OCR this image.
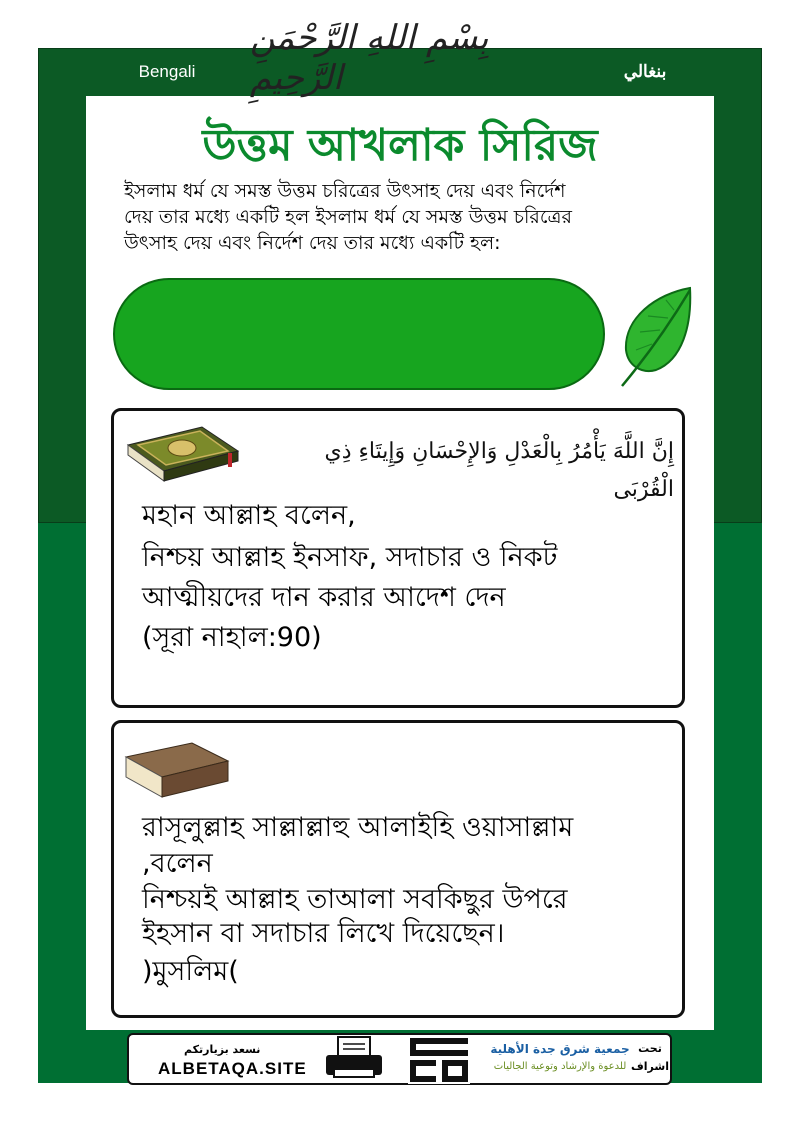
Bengali	بنغالي
بِسْمِ اللهِ الرَّحْمَنِ الرَّحِيمِ
উত্তম আখলাক সিরিজ
ইসলাম ধর্ম যে সমস্ত উত্তম চরিত্রের উৎসাহ দেয় এবং নির্দেশ
দেয় তার মধ্যে একটি হল ইসলাম ধর্ম যে সমস্ত উত্তম চরিত্রের
উৎসাহ দেয় এবং নির্দেশ দেয় তার মধ্যে একটি হল:
إِنَّ اللَّهَ يَأْمُرُ بِالْعَدْلِ وَالإِحْسَانِ وَإِيتَاءِ ذِي الْقُرْبَى
মহান আল্লাহ বলেন,
নিশ্চয় আল্লাহ ইনসাফ, সদাচার ও নিকট
আত্মীয়দের দান করার আদেশ দেন
(সূরা নাহাল:90)
রাসূলুল্লাহ সাল্লাল্লাহু আলাইহি ওয়াসাল্লাম
,বলেন
নিশ্চয়ই আল্লাহ তাআলা সবকিছুর উপরে
ইহসান বা সদাচার লিখে দিয়েছেন।
)মুসলিম(
نسعد بزيارتكم
ALBETAQA.SITE
جمعية شرق جدة الأهلية
للدعوة والإرشاد وتوعية الجاليات
تحت
اشراف
